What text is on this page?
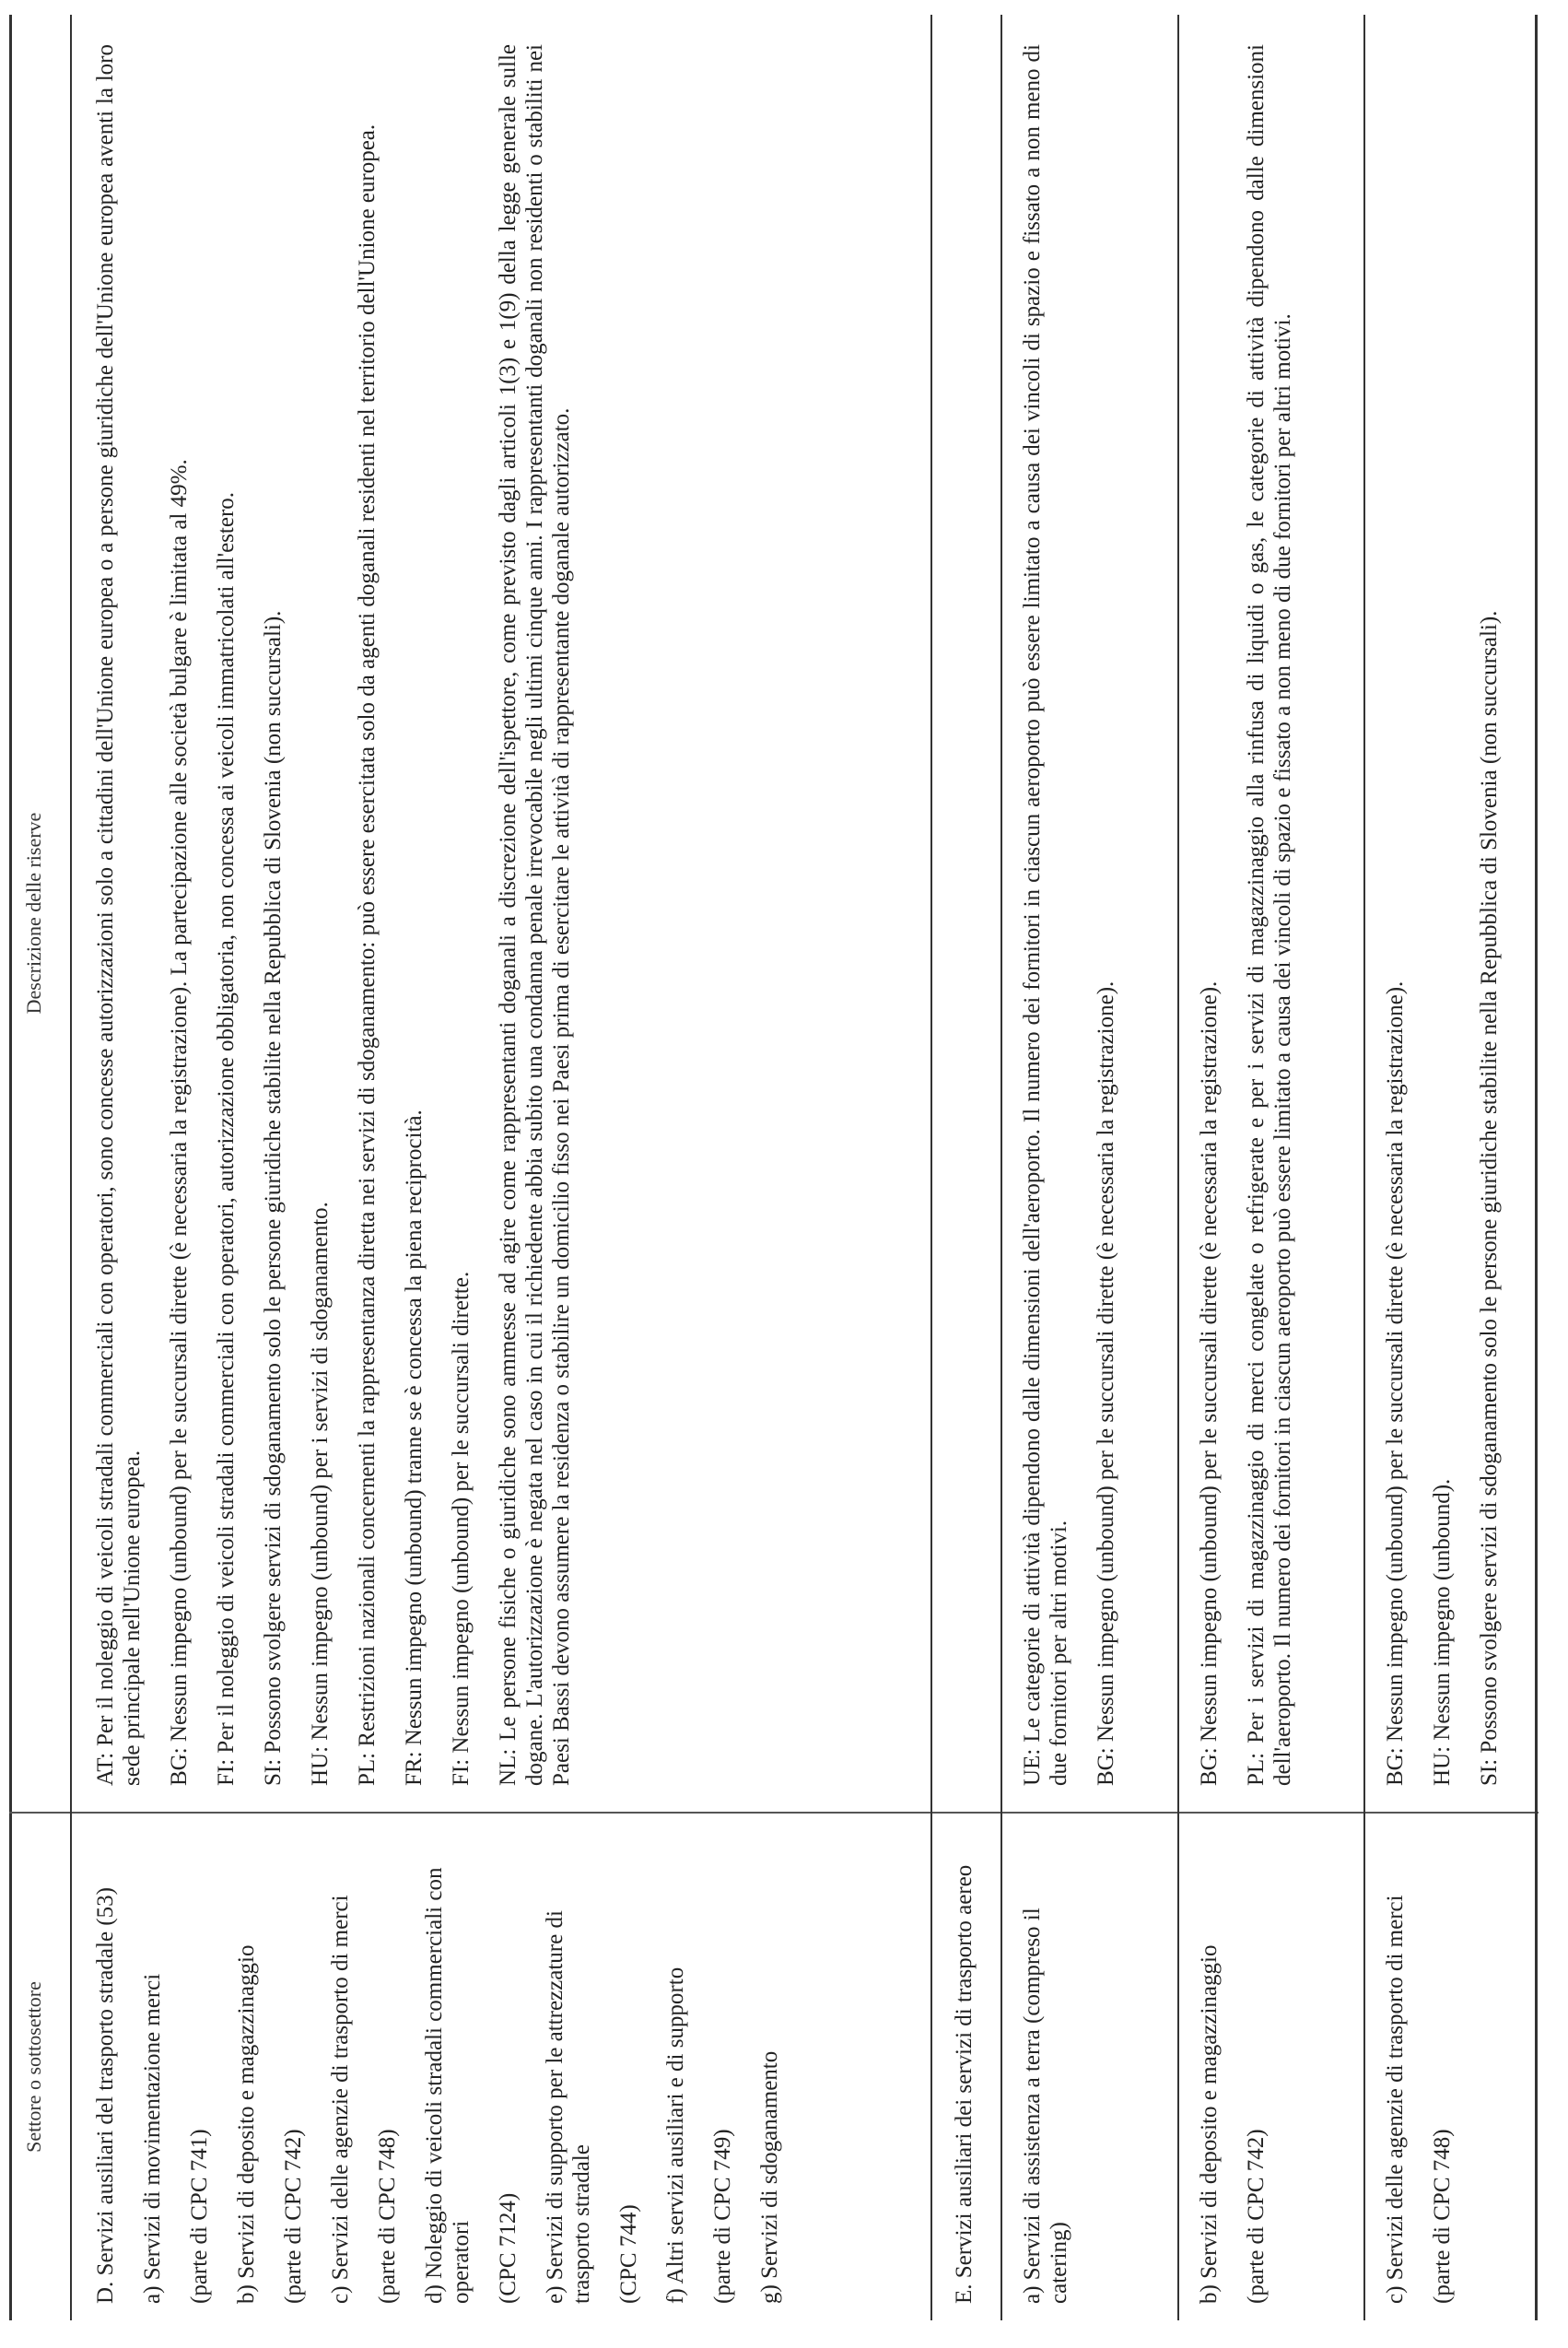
Settore o sottosettore
Descrizione delle riserve

D. Servizi ausiliari del trasporto stradale (53) a) Servizi di movimentazione merci (parte di CPC 741) b) Servizi di deposito e magazzinaggio (parte di CPC 742) c) Servizi delle agenzie di trasporto di merci (parte di CPC 748) d) Noleggio di veicoli stradali commerciali con operatori (CPC 7124) e) Servizi di supporto per le attrezzature di trasporto stradale (CPC 744) f) Altri servizi ausiliari e di supporto (parte di CPC 749) g) Servizi di sdoganamento

AT: Per il noleggio di veicoli stradali commerciali con operatori, sono concesse autorizzazioni solo a cittadini dell'Unione europea o a persone giuridiche dell'Unione europea aventi la loro sede principale nell'Unione europea. BG: Nessun impegno (unbound) per le succursali dirette (è necessaria la registrazione). La partecipazione alle società bulgare è limitata al 49%. FI: Per il noleggio di veicoli stradali commerciali con operatori, autorizzazione obbligatoria, non concessa ai veicoli immatricolati all'estero. SI: Possono svolgere servizi di sdoganamento solo le persone giuridiche stabilite nella Repubblica di Slovenia (non succursali). HU: Nessun impegno (unbound) per i servizi di sdoganamento. PL: Restrizioni nazionali concernenti la rappresentanza diretta nei servizi di sdoganamento: può essere esercitata solo da agenti doganali residenti nel territorio dell'Unione europea. FR: Nessun impegno (unbound) tranne se è concessa la piena reciprocità. FI: Nessun impegno (unbound) per le succursali dirette. NL: Le persone fisiche o giuridiche sono ammesse ad agire come rappresentanti doganali a discrezione dell'ispettore, come previsto dagli articoli 1(3) e 1(9) della legge generale sulle dogane. L'autorizzazione è negata nel caso in cui il richiedente abbia subito una condanna penale irrevocabile negli ultimi cinque anni. I rappresentanti doganali non residenti o stabiliti nei Paesi Bassi devono assumere la residenza o stabilire un domicilio fisso nei Paesi prima di esercitare le attività di rappresentante doganale autorizzato.

E. Servizi ausiliari dei servizi di trasporto aereo a) Servizi di assistenza a terra (compreso il catering)

UE: Le categorie di attività dipendono dalle dimensioni dell'aeroporto. Il numero dei fornitori in ciascun aeroporto può essere limitato a causa dei vincoli di spazio e fissato a non meno di due fornitori per altri motivi. BG: Nessun impegno (unbound) per le succursali dirette (è necessaria la registrazione).

b) Servizi di deposito e magazzinaggio (parte di CPC 742)

BG: Nessun impegno (unbound) per le succursali dirette (è necessaria la registrazione). PL: Per i servizi di magazzinaggio di merci congelate o refrigerate e per i servizi di magazzinaggio alla rinfusa di liquidi o gas, le categorie di attività dipendono dalle dimensioni dell'aeroporto. Il numero dei fornitori in ciascun aeroporto può essere limitato a causa dei vincoli di spazio e fissato a non meno di due fornitori per altri motivi.

c) Servizi delle agenzie di trasporto di merci (parte di CPC 748)

BG: Nessun impegno (unbound) per le succursali dirette (è necessaria la registrazione). HU: Nessun impegno (unbound). SI: Possono svolgere servizi di sdoganamento solo le persone giuridiche stabilite nella Repubblica di Slovenia (non succursali).
